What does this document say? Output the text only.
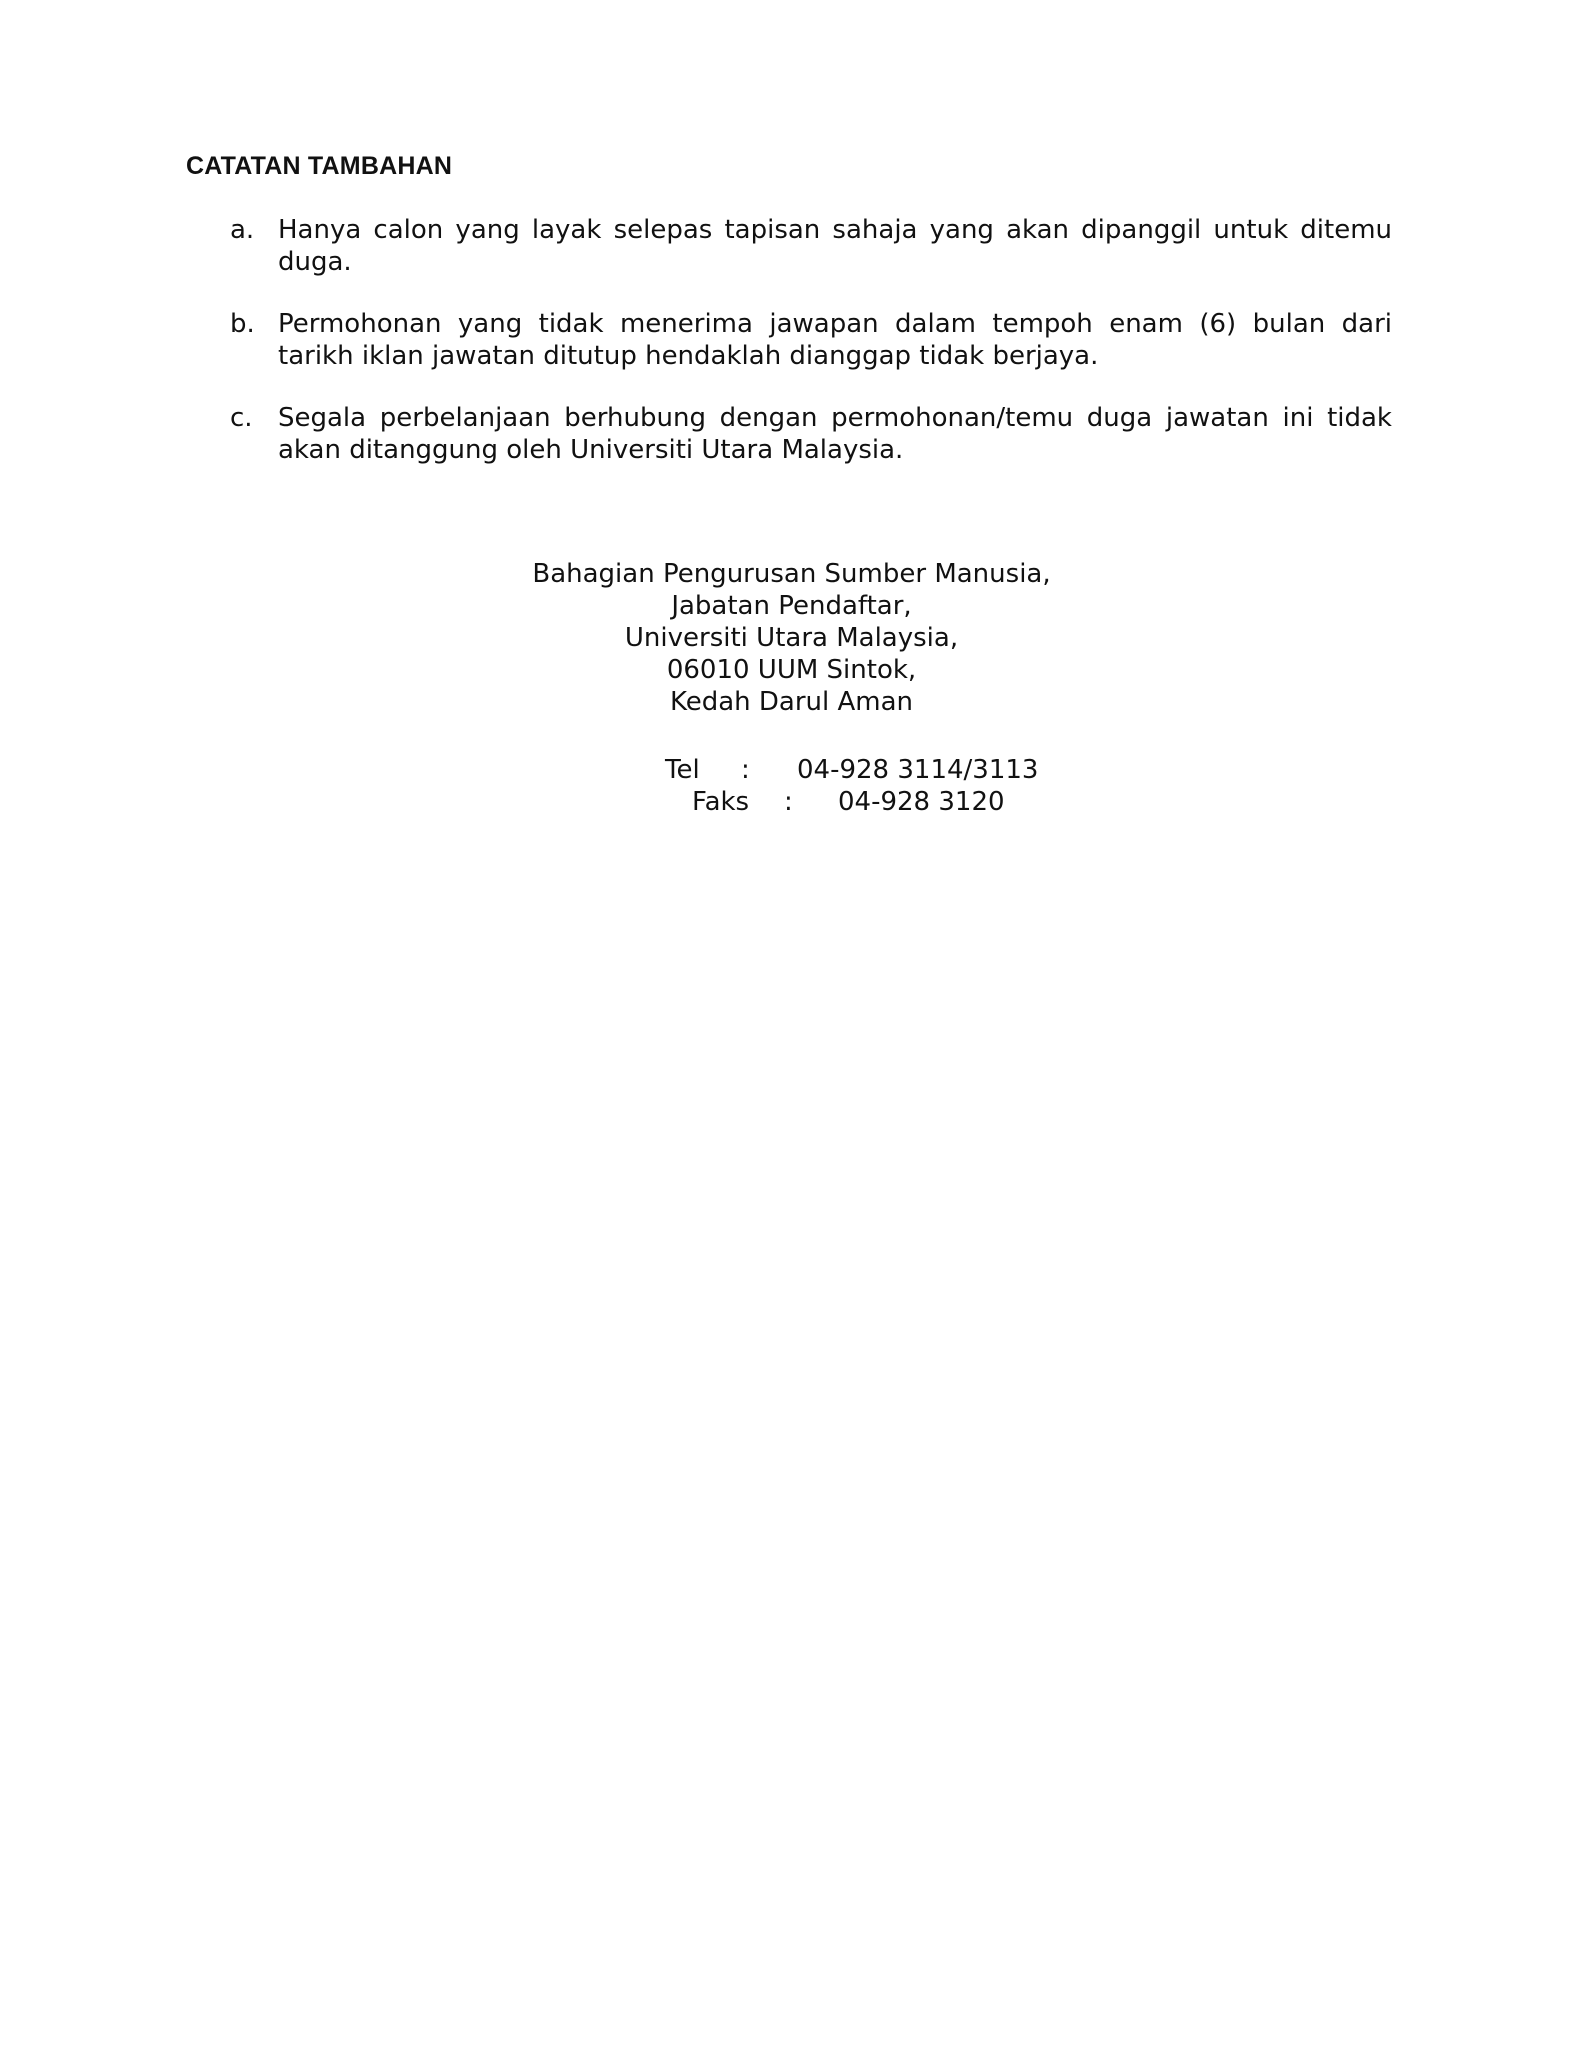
CATATAN TAMBAHAN
a. Hanya calon yang layak selepas tapisan sahaja yang akan dipanggil untuk ditemu duga.
b. Permohonan yang tidak menerima jawapan dalam tempoh enam (6) bulan dari tarikh iklan jawatan ditutup hendaklah dianggap tidak berjaya.
c. Segala perbelanjaan berhubung dengan permohonan/temu duga jawatan ini tidak akan ditanggung oleh Universiti Utara Malaysia.
Bahagian Pengurusan Sumber Manusia,
Jabatan Pendaftar,
Universiti Utara Malaysia,
06010 UUM Sintok,
Kedah Darul Aman
Tel : 04-928 3114/3113
Faks : 04-928 3120
